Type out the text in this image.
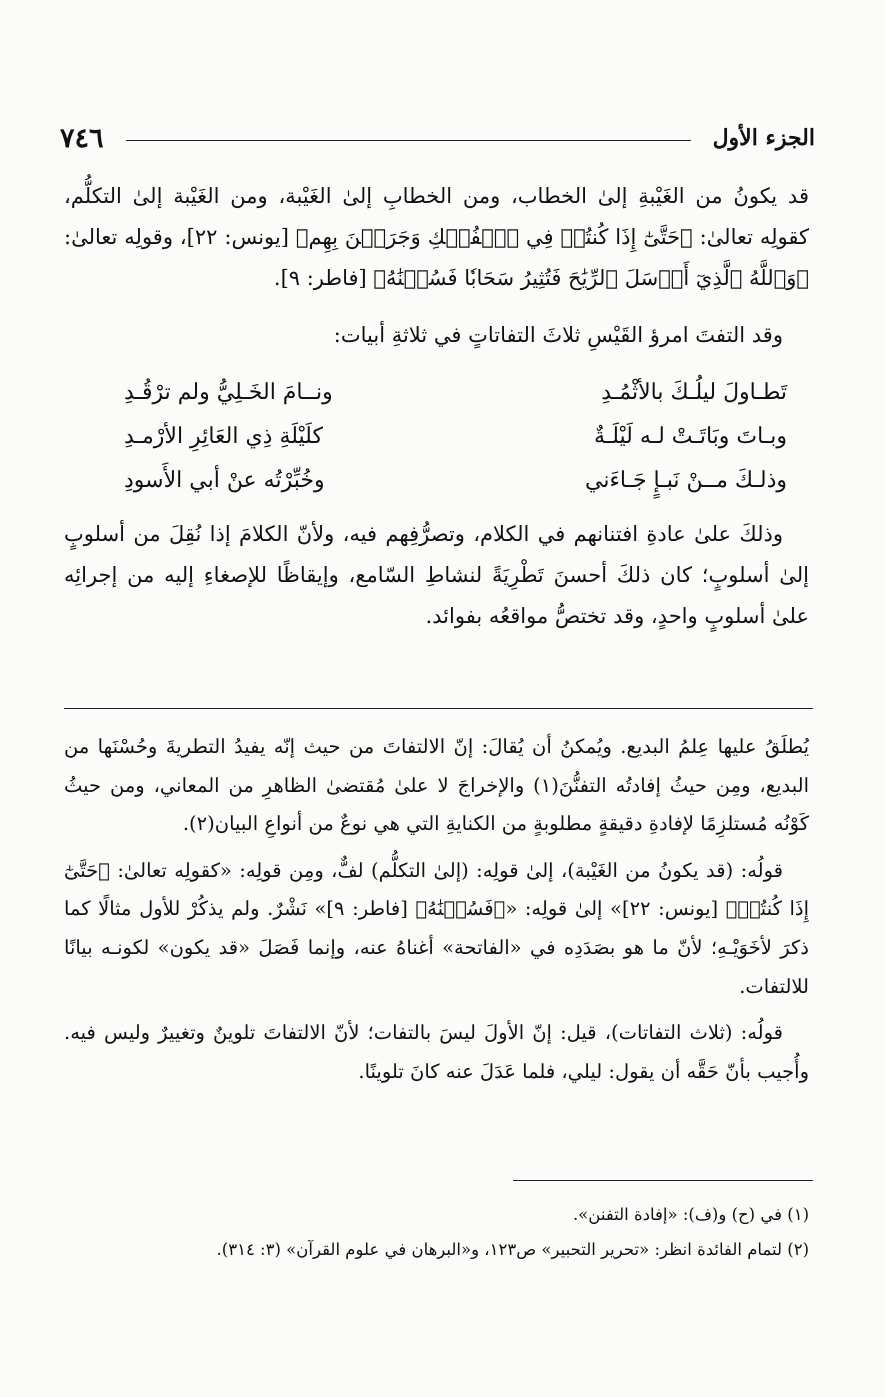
الجزء الأول
٧٤٦

قد يكونُ من الغَيْبةِ إلىٰ الخطاب، ومن الخطابِ إلىٰ الغَيْبة، ومن الغَيْبة إلىٰ التكلُّم، كقولِه تعالىٰ: ﴿حَتَّىٰٓ إِذَا كُنتُمۡ فِي ٱلۡفُلۡكِ وَجَرَيۡنَ بِهِم﴾ [يونس: ٢٢]، وقولِه تعالىٰ: ﴿وَٱللَّهُ ٱلَّذِيٓ أَرۡسَلَ ٱلرِّيَٰحَ فَتُثِيرُ سَحَابٗا فَسُقۡنَٰهُ﴾ [فاطر: ٩].

وقد التفتَ امرؤ القَيْسِ ثلاثَ التفاتاتٍ في ثلاثةِ أبيات:

تَطـاولَ ليلُـكَ بالأثْمُـدِ
ونــامَ الخَـلِيُّ ولم ترْقُـدِ
وبـاتَ وبَاتَـتْ لـه لَيْلَـةٌ
كلَيْلَةِ ذِي العَائِرِ الأرْمـدِ
وذلـكَ مــنْ نَبـإٍ جَـاءَني
وخُبِّرْتُه عنْ أبي الأَسودِ

وذلكَ علىٰ عادةِ افتنانهم في الكلام، وتصرُّفِهم فيه، ولأنّ الكلامَ إذا نُقِلَ من أسلوبٍ إلىٰ أسلوبٍ؛ كان ذلكَ أحسنَ تَطْرِيَةً لنشاطِ السّامع، وإيقاظًا للإصغاءِ إليه من إجرائِه علىٰ أسلوبٍ واحدٍ، وقد تختصُّ مواقعُه بفوائد.

يُطلَقُ عليها عِلمُ البديع. ويُمكنُ أن يُقالَ: إنّ الالتفاتَ من حيث إنّه يفيدُ التطريةَ وحُسْنَها من البديع، ومِن حيثُ إفادتُه التفنُّنَ(١) والإخراجَ لا علىٰ مُقتضىٰ الظاهرِ من المعاني، ومن حيثُ كَوْنُه مُستلزِمًا لإفادةِ دقيقةٍ مطلوبةٍ من الكنايةِ التي هي نوعٌ من أنواعِ البيان(٢).

قولُه: (قد يكونُ من الغَيْبة)، إلىٰ قولِه: (إلىٰ التكلُّم) لفٌّ، ومِن قولِه: «كقولِه تعالىٰ: ﴿حَتَّىٰٓ إِذَا كُنتُمۡ﴾ [يونس: ٢٢]» إلىٰ قولِه: «﴿فَسُقۡنَٰهُ﴾ [فاطر: ٩]» نَشْرٌ. ولم يذكُرْ للأول مثالًا كما ذكرَ لأخَوَيْـهِ؛ لأنّ ما هو بصَدَدِه في «الفاتحة» أغناهُ عنه، وإنما فَصَلَ «قد يكون» لكونـه بيانًا للالتفات.

قولُه: (ثلاث التفاتات)، قيل: إنّ الأولَ ليسَ بالتفات؛ لأنّ الالتفاتَ تلوينٌ وتغييرٌ وليس فيه. وأُجيب بأنّ حَقَّه أن يقول: ليلي، فلما عَدَلَ عنه كانَ تلوينًا.

(١) في (ح) و(ف): «إفادة التفنن».

(٢) لتمام الفائدة انظر: «تحرير التحبير» ص١٢٣، و«البرهان في علوم القرآن» (٣: ٣١٤).
